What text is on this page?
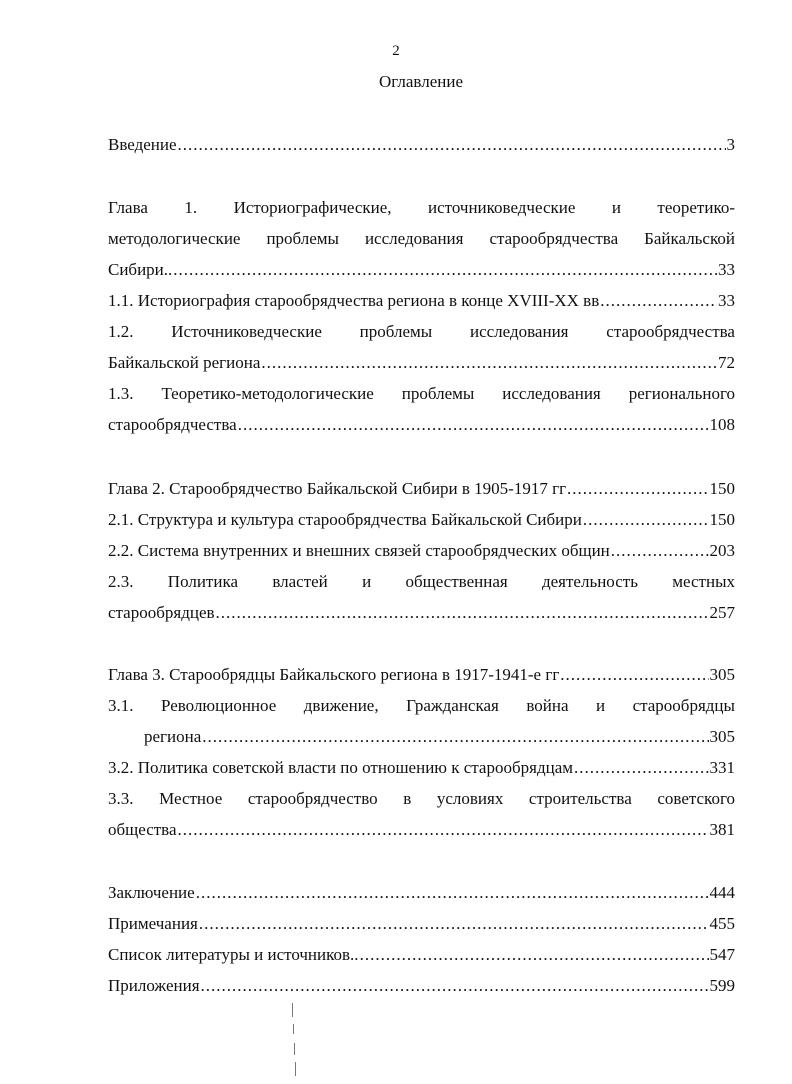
2
Оглавление
Введение .....	3
Глава 1. Историографические, источниковедческие и теоретико-
методологические проблемы исследования старообрядчества Байкальской
Сибири.. .....	33
1.1. Историография старообрядчества региона в конце XVIII-XX вв .....	33
1.2. Источниковедческие проблемы исследования старообрядчества
Байкальской региона .....	72
1.3. Теоретико-методологические проблемы исследования регионального
старообрядчества .....	108
Глава 2. Старообрядчество Байкальской Сибири в 1905-1917 гг .....	150
2.1. Структура и культура старообрядчества Байкальской Сибири .....	150
2.2. Система внутренних и внешних связей старообрядческих общин .....	203
2.3. Политика властей и общественная деятельность местных
старообрядцев .....	257
Глава 3. Старообрядцы Байкальского региона в 1917-1941-е гг .....	305
3.1. Революционное движение, Гражданская война и старообрядцы
региона .....	305
3.2. Политика советской власти по отношению к старообрядцам .....	331
3.3. Местное старообрядчество в условиях строительства советского
общества .....	381
Заключение .....	444
Примечания .....	455
Список литературы и источников.. .....	547
Приложения .....	599
